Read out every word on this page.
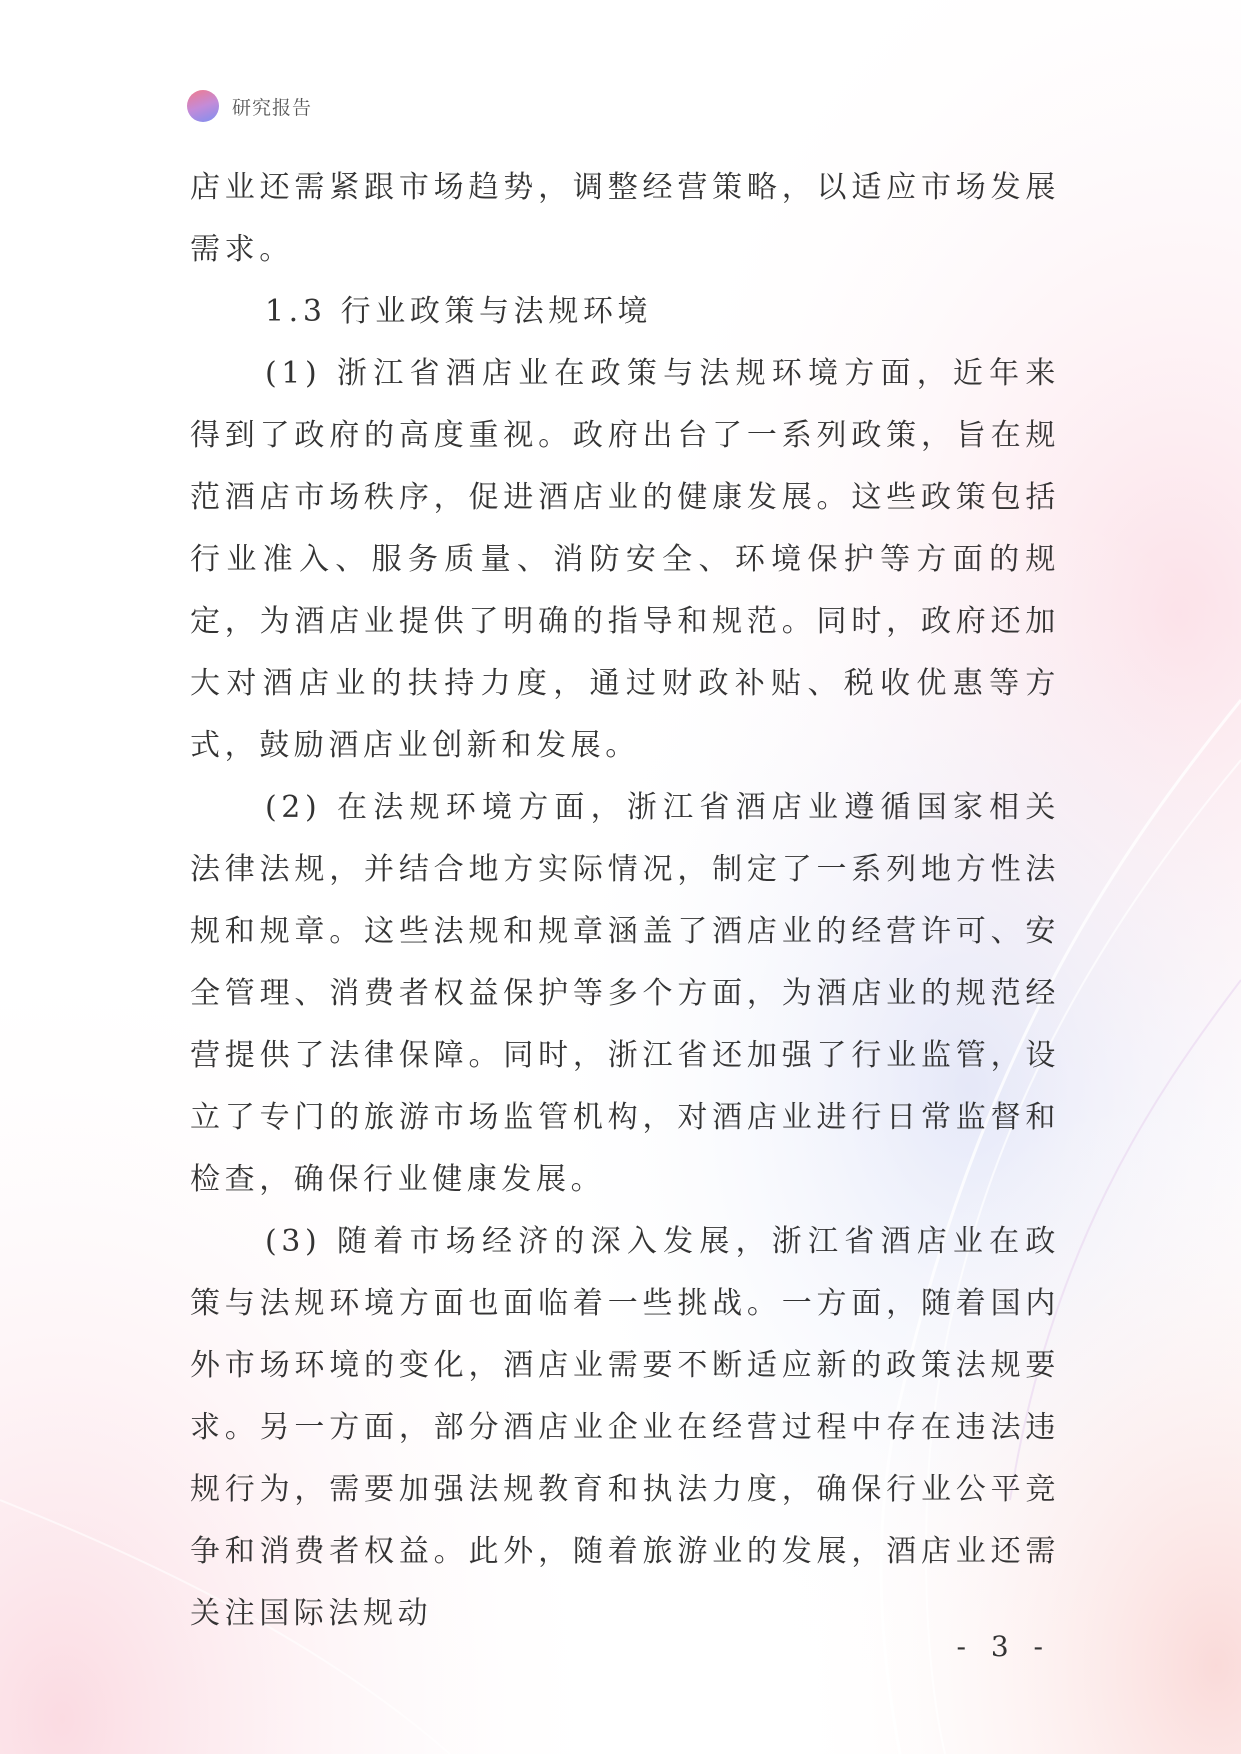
研究报告

店业还需紧跟市场趋势，调整经营策略，以适应市场发展需求。

1.3 行业政策与法规环境

(1) 浙江省酒店业在政策与法规环境方面，近年来得到了政府的高度重视。政府出台了一系列政策，旨在规范酒店市场秩序，促进酒店业的健康发展。这些政策包括行业准入、服务质量、消防安全、环境保护等方面的规定，为酒店业提供了明确的指导和规范。同时，政府还加大对酒店业的扶持力度，通过财政补贴、税收优惠等方式，鼓励酒店业创新和发展。

(2) 在法规环境方面，浙江省酒店业遵循国家相关法律法规，并结合地方实际情况，制定了一系列地方性法规和规章。这些法规和规章涵盖了酒店业的经营许可、安全管理、消费者权益保护等多个方面，为酒店业的规范经营提供了法律保障。同时，浙江省还加强了行业监管，设立了专门的旅游市场监管机构，对酒店业进行日常监督和检查，确保行业健康发展。

(3) 随着市场经济的深入发展，浙江省酒店业在政策与法规环境方面也面临着一些挑战。一方面，随着国内外市场环境的变化，酒店业需要不断适应新的政策法规要求。另一方面，部分酒店业企业在经营过程中存在违法违规行为，需要加强法规教育和执法力度，确保行业公平竞争和消费者权益。此外，随着旅游业的发展，酒店业还需关注国际法规动

- 3 -
